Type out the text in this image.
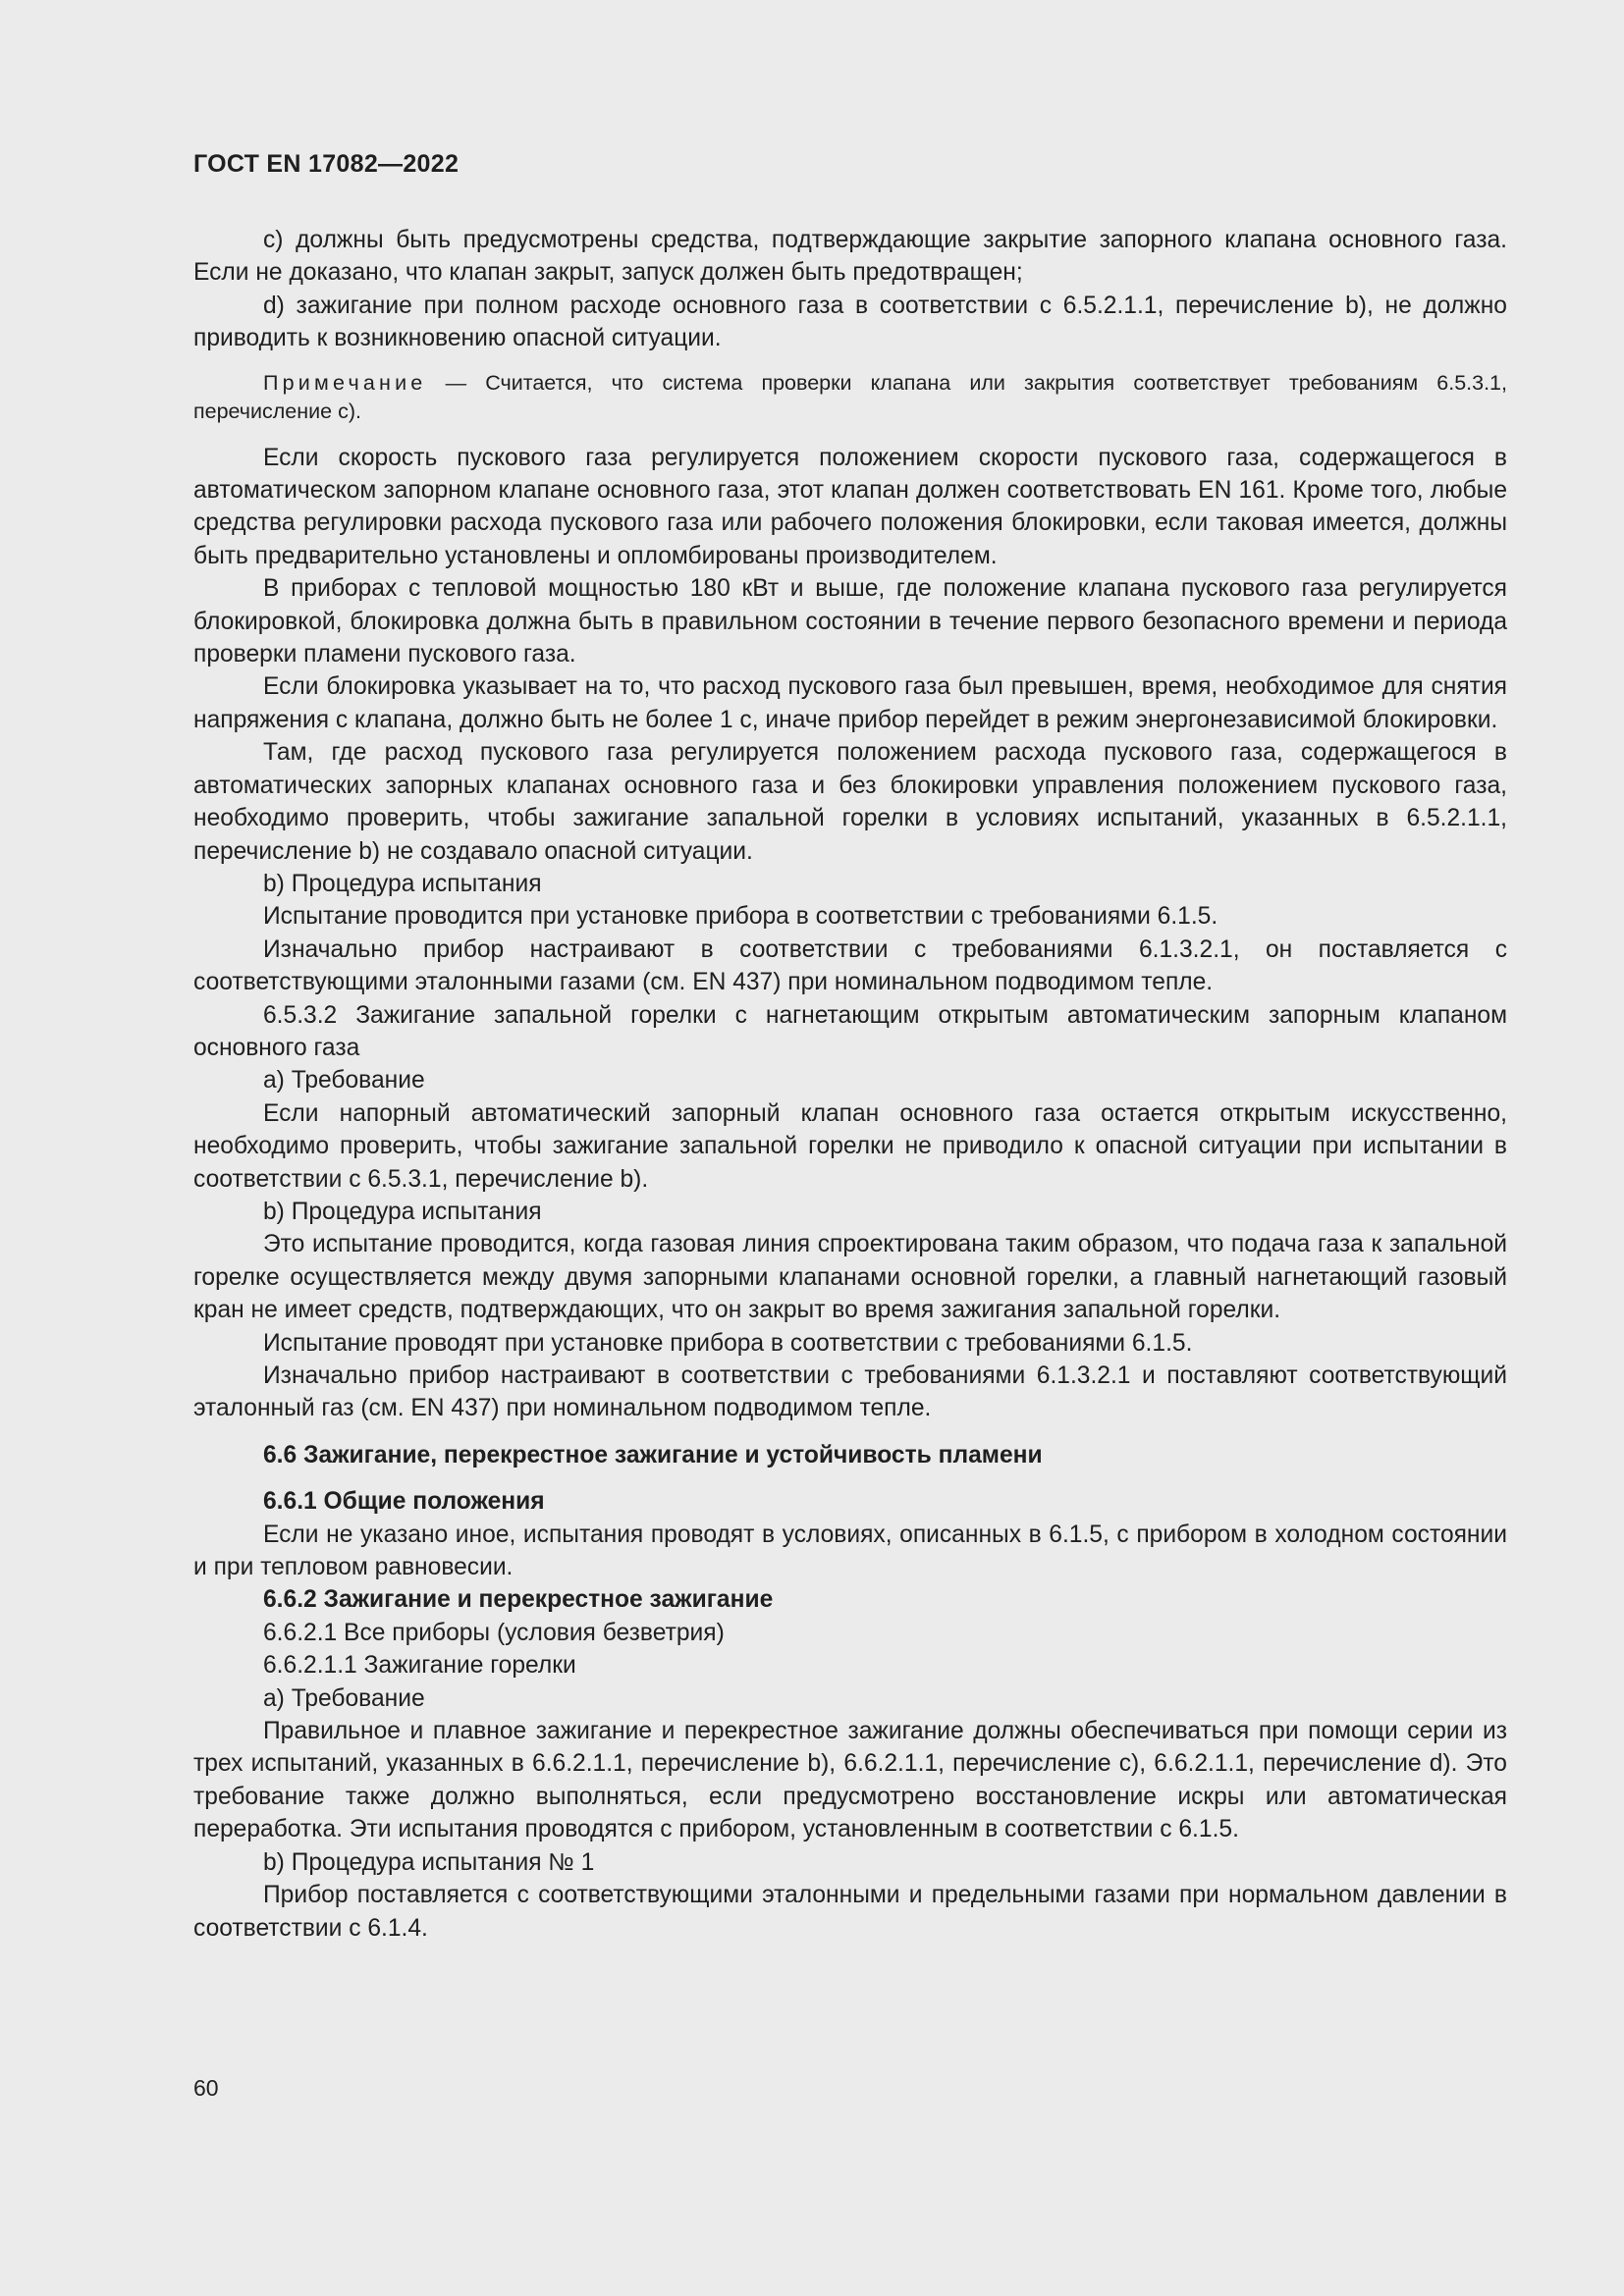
ГОСТ EN 17082—2022

c) должны быть предусмотрены средства, подтверждающие закрытие запорного клапана основного газа. Если не доказано, что клапан закрыт, запуск должен быть предотвращен;

d) зажигание при полном расходе основного газа в соответствии с 6.5.2.1.1, перечисление b), не должно приводить к возникновению опасной ситуации.

Примечание — Считается, что система проверки клапана или закрытия соответствует требованиям 6.5.3.1, перечисление c).

Если скорость пускового газа регулируется положением скорости пускового газа, содержащегося в автоматическом запорном клапане основного газа, этот клапан должен соответствовать EN 161. Кроме того, любые средства регулировки расхода пускового газа или рабочего положения блокировки, если таковая имеется, должны быть предварительно установлены и опломбированы производителем.

В приборах с тепловой мощностью 180 кВт и выше, где положение клапана пускового газа регулируется блокировкой, блокировка должна быть в правильном состоянии в течение первого безопасного времени и периода проверки пламени пускового газа.

Если блокировка указывает на то, что расход пускового газа был превышен, время, необходимое для снятия напряжения с клапана, должно быть не более 1 с, иначе прибор перейдет в режим энергонезависимой блокировки.

Там, где расход пускового газа регулируется положением расхода пускового газа, содержащегося в автоматических запорных клапанах основного газа и без блокировки управления положением пускового газа, необходимо проверить, чтобы зажигание запальной горелки в условиях испытаний, указанных в 6.5.2.1.1, перечисление b) не создавало опасной ситуации.

b) Процедура испытания

Испытание проводится при установке прибора в соответствии с требованиями 6.1.5.

Изначально прибор настраивают в соответствии с требованиями 6.1.3.2.1, он поставляется с соответствующими эталонными газами (см. EN 437) при номинальном подводимом тепле.

6.5.3.2 Зажигание запальной горелки с нагнетающим открытым автоматическим запорным клапаном основного газа

a) Требование

Если напорный автоматический запорный клапан основного газа остается открытым искусственно, необходимо проверить, чтобы зажигание запальной горелки не приводило к опасной ситуации при испытании в соответствии с 6.5.3.1, перечисление b).

b) Процедура испытания

Это испытание проводится, когда газовая линия спроектирована таким образом, что подача газа к запальной горелке осуществляется между двумя запорными клапанами основной горелки, а главный нагнетающий газовый кран не имеет средств, подтверждающих, что он закрыт во время зажигания запальной горелки.

Испытание проводят при установке прибора в соответствии с требованиями 6.1.5.

Изначально прибор настраивают в соответствии с требованиями 6.1.3.2.1 и поставляют соответствующий эталонный газ (см. EN 437) при номинальном подводимом тепле.

6.6 Зажигание, перекрестное зажигание и устойчивость пламени

6.6.1 Общие положения

Если не указано иное, испытания проводят в условиях, описанных в 6.1.5, с прибором в холодном состоянии и при тепловом равновесии.

6.6.2 Зажигание и перекрестное зажигание

6.6.2.1 Все приборы (условия безветрия)

6.6.2.1.1 Зажигание горелки

a) Требование

Правильное и плавное зажигание и перекрестное зажигание должны обеспечиваться при помощи серии из трех испытаний, указанных в 6.6.2.1.1, перечисление b), 6.6.2.1.1, перечисление c), 6.6.2.1.1, перечисление d). Это требование также должно выполняться, если предусмотрено восстановление искры или автоматическая переработка. Эти испытания проводятся с прибором, установленным в соответствии с 6.1.5.

b) Процедура испытания № 1

Прибор поставляется с соответствующими эталонными и предельными газами при нормальном давлении в соответствии с 6.1.4.

60
